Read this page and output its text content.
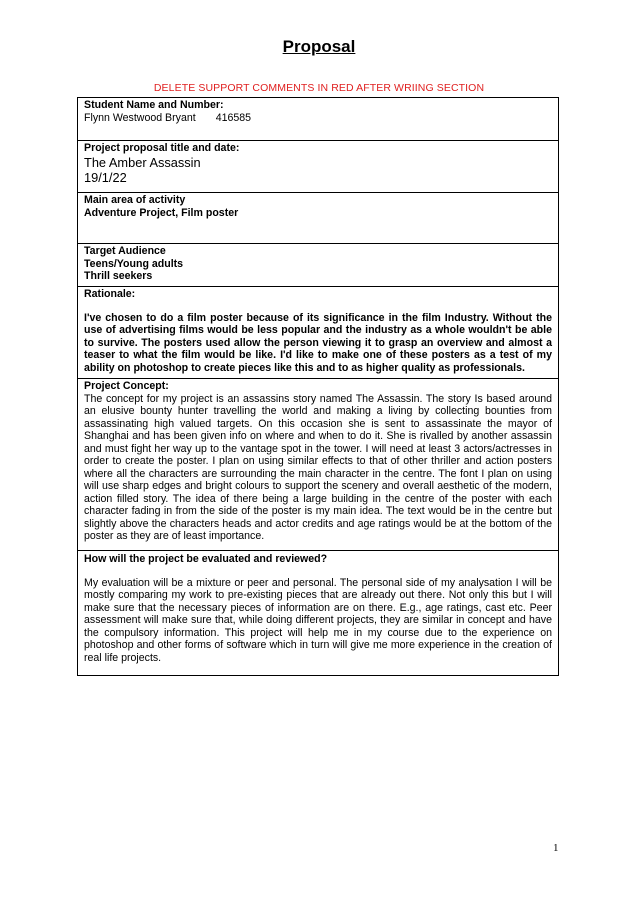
Proposal
DELETE SUPPORT COMMENTS IN RED AFTER WRIING SECTION
Student Name and Number:
Flynn Westwood Bryant 416585
Project proposal title and date:
The Amber Assassin
19/1/22
Main area of activity
Adventure Project, Film poster
Target Audience
Teens/Young adults
Thrill seekers
Rationale:
I've chosen to do a film poster because of its significance in the film Industry. Without the use of advertising films would be less popular and the industry as a whole wouldn't be able to survive. The posters used allow the person viewing it to grasp an overview and almost a teaser to what the film would be like. I'd like to make one of these posters as a test of my ability on photoshop to create pieces like this and to as higher quality as professionals.
Project Concept:
The concept for my project is an assassins story named The Assassin. The story Is based around an elusive bounty hunter travelling the world and making a living by collecting bounties from assassinating high valued targets. On this occasion she is sent to assassinate the mayor of Shanghai and has been given info on where and when to do it. She is rivalled by another assassin and must fight her way up to the vantage spot in the tower. I will need at least 3 actors/actresses in order to create the poster. I plan on using similar effects to that of other thriller and action posters where all the characters are surrounding the main character in the centre. The font I plan on using will use sharp edges and bright colours to support the scenery and overall aesthetic of the modern, action filled story. The idea of there being a large building in the centre of the poster with each character fading in from the side of the poster is my main idea. The text would be in the centre but slightly above the characters heads and actor credits and age ratings would be at the bottom of the poster as they are of least importance.
How will the project be evaluated and reviewed?
My evaluation will be a mixture or peer and personal. The personal side of my analysation I will be mostly comparing my work to pre-existing pieces that are already out there. Not only this but I will make sure that the necessary pieces of information are on there. E.g., age ratings, cast etc. Peer assessment will make sure that, while doing different projects, they are similar in concept and have the compulsory information. This project will help me in my course due to the experience on photoshop and other forms of software which in turn will give me more experience in the creation of real life projects.
1
